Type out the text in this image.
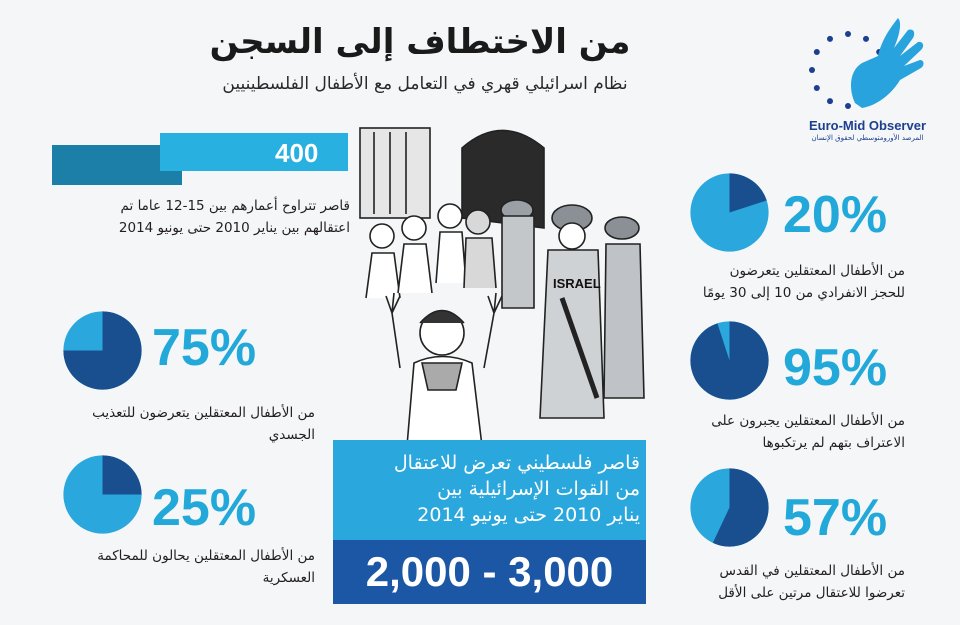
من الاختطاف إلى السجن
نظام اسرائيلي قهري في التعامل مع الأطفال الفلسطينيين
Euro-Mid Observer
المرصد الأورومتوسطي لحقوق الإنسان
400
قاصر تتراوح أعمارهم بين 15-12 عاما تم
اعتقالهم بين يناير 2010 حتى يونيو 2014
75%
من الأطفال المعتقلين يتعرضون للتعذيب
الجسدي
25%
من الأطفال المعتقلين يحالون للمحاكمة
العسكرية
20%
من الأطفال المعتقلين يتعرضون
للحجز الانفرادي من 10 إلى 30 يومًا
95%
من الأطفال المعتقلين يجبرون على
الاعتراف بتهم لم يرتكبوها
57%
من الأطفال المعتقلين في القدس
تعرضوا للاعتقال مرتين على الأقل
ISRAEL
قاصر فلسطيني تعرض للاعتقال
من القوات الإسرائيلية بين
يناير 2010 حتى يونيو 2014
2,000 - 3,000
